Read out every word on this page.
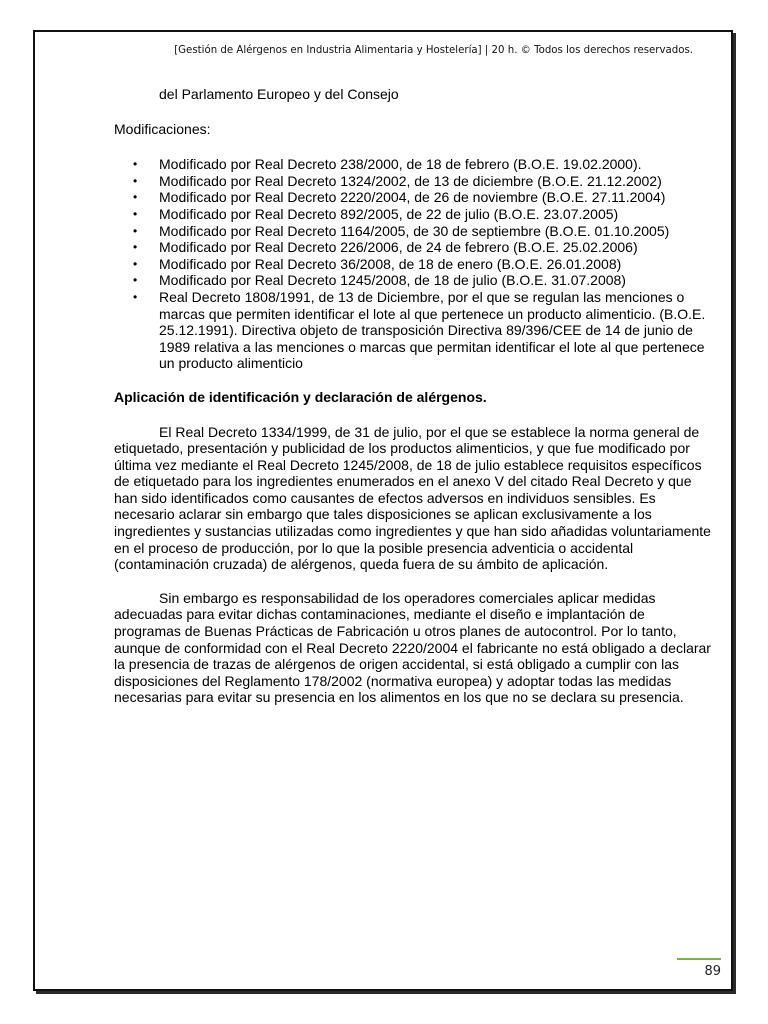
[Gestión de Alérgenos en Industria Alimentaria y Hostelería] | 20 h. © Todos los derechos reservados.

del Parlamento Europeo y del Consejo

Modificaciones:

• Modificado por Real Decreto 238/2000, de 18 de febrero (B.O.E. 19.02.2000).
• Modificado por Real Decreto 1324/2002, de 13 de diciembre (B.O.E. 21.12.2002)
• Modificado por Real Decreto 2220/2004, de 26 de noviembre (B.O.E. 27.11.2004)
• Modificado por Real Decreto 892/2005, de 22 de julio (B.O.E. 23.07.2005)
• Modificado por Real Decreto 1164/2005, de 30 de septiembre (B.O.E. 01.10.2005)
• Modificado por Real Decreto 226/2006, de 24 de febrero (B.O.E. 25.02.2006)
• Modificado por Real Decreto 36/2008, de 18 de enero (B.O.E. 26.01.2008)
• Modificado por Real Decreto 1245/2008, de 18 de julio (B.O.E. 31.07.2008)
• Real Decreto 1808/1991, de 13 de Diciembre, por el que se regulan las menciones o marcas que permiten identificar el lote al que pertenece un producto alimenticio. (B.O.E. 25.12.1991). Directiva objeto de transposición Directiva 89/396/CEE de 14 de junio de 1989 relativa a las menciones o marcas que permitan identificar el lote al que pertenece un producto alimenticio

Aplicación de identificación y declaración de alérgenos.

El Real Decreto 1334/1999, de 31 de julio, por el que se establece la norma general de etiquetado, presentación y publicidad de los productos alimenticios, y que fue modificado por última vez mediante el Real Decreto 1245/2008, de 18 de julio establece requisitos específicos de etiquetado para los ingredientes enumerados en el anexo V del citado Real Decreto y que han sido identificados como causantes de efectos adversos en individuos sensibles. Es necesario aclarar sin embargo que tales disposiciones se aplican exclusivamente a los ingredientes y sustancias utilizadas como ingredientes y que han sido añadidas voluntariamente en el proceso de producción, por lo que la posible presencia adventicia o accidental (contaminación cruzada) de alérgenos, queda fuera de su ámbito de aplicación.

Sin embargo es responsabilidad de los operadores comerciales aplicar medidas adecuadas para evitar dichas contaminaciones, mediante el diseño e implantación de programas de Buenas Prácticas de Fabricación u otros planes de autocontrol. Por lo tanto, aunque de conformidad con el Real Decreto 2220/2004 el fabricante no está obligado a declarar la presencia de trazas de alérgenos de origen accidental, si está obligado a cumplir con las disposiciones del Reglamento 178/2002 (normativa europea) y adoptar todas las medidas necesarias para evitar su presencia en los alimentos en los que no se declara su presencia.

89
